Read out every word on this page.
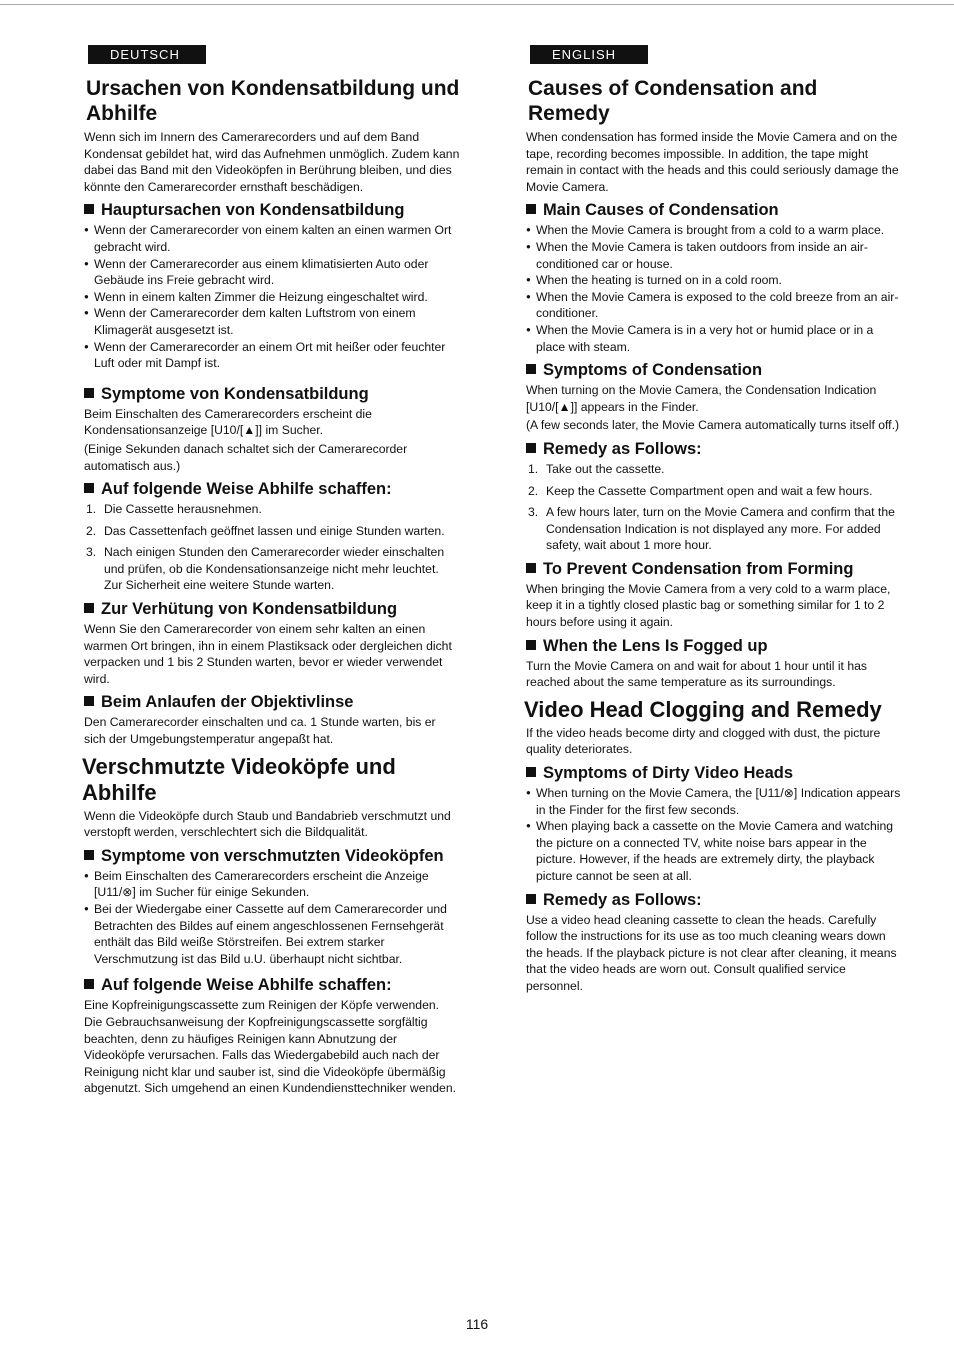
DEUTSCH
Ursachen von Kondensatbildung und Abhilfe

Wenn sich im Innern des Camerarecorders und auf dem Band Kondensat gebildet hat, wird das Aufnehmen unmöglich. Zudem kann dabei das Band mit den Videoköpfen in Berührung bleiben, und dies könnte den Camerarecorder ernsthaft beschädigen.

Hauptursachen von Kondensatbildung
● Wenn der Camerarecorder von einem kalten an einen warmen Ort gebracht wird.
● Wenn der Camerarecorder aus einem klimatisierten Auto oder Gebäude ins Freie gebracht wird.
● Wenn in einem kalten Zimmer die Heizung eingeschaltet wird.
● Wenn der Camerarecorder dem kalten Luftstrom von einem Klimagerät ausgesetzt ist.
● Wenn der Camerarecorder an einem Ort mit heißer oder feuchter Luft oder mit Dampf ist.
Symptome von Kondensatbildung

Beim Einschalten des Camerarecorders erscheint die Kondensationsanzeige [U10/[▲]] im Sucher.

(Einige Sekunden danach schaltet sich der Camerarecorder automatisch aus.)

Auf folgende Weise Abhilfe schaffen:
1. Die Cassette herausnehmen.
2. Das Cassettenfach geöffnet lassen und einige Stunden warten.
3. Nach einigen Stunden den Camerarecorder wieder einschalten und prüfen, ob die Kondensationsanzeige nicht mehr leuchtet. Zur Sicherheit eine weitere Stunde warten.
Zur Verhütung von Kondensatbildung

Wenn Sie den Camerarecorder von einem sehr kalten an einen warmen Ort bringen, ihn in einem Plastiksack oder dergleichen dicht verpacken und 1 bis 2 Stunden warten, bevor er wieder verwendet wird.

Beim Anlaufen der Objektivlinse

Den Camerarecorder einschalten und ca. 1 Stunde warten, bis er sich der Umgebungstemperatur angepaßt hat.

Verschmutzte Videoköpfe und Abhilfe

Wenn die Videoköpfe durch Staub und Bandabrieb verschmutzt und verstopft werden, verschlechtert sich die Bildqualität.

Symptome von verschmutzten Videoköpfen
● Beim Einschalten des Camerarecorders erscheint die Anzeige [U11/⊗] im Sucher für einige Sekunden.
● Bei der Wiedergabe einer Cassette auf dem Camerarecorder und Betrachten des Bildes auf einem angeschlossenen Fernsehgerät enthält das Bild weiße Störstreifen. Bei extrem starker Verschmutzung ist das Bild u.U. überhaupt nicht sichtbar.
Auf folgende Weise Abhilfe schaffen:

Eine Kopfreinigungscassette zum Reinigen der Köpfe verwenden. Die Gebrauchsanweisung der Kopfreinigungscassette sorgfältig beachten, denn zu häufiges Reinigen kann Abnutzung der Videoköpfe verursachen. Falls das Wiedergabebild auch nach der Reinigung nicht klar und sauber ist, sind die Videoköpfe übermäßig abgenutzt. Sich umgehend an einen Kundendiensttechniker wenden.

ENGLISH
Causes of Condensation and Remedy

When condensation has formed inside the Movie Camera and on the tape, recording becomes impossible. In addition, the tape might remain in contact with the heads and this could seriously damage the Movie Camera.

Main Causes of Condensation
● When the Movie Camera is brought from a cold to a warm place.
● When the Movie Camera is taken outdoors from inside an air-conditioned car or house.
● When the heating is turned on in a cold room.
● When the Movie Camera is exposed to the cold breeze from an air-conditioner.
● When the Movie Camera is in a very hot or humid place or in a place with steam.
Symptoms of Condensation

When turning on the Movie Camera, the Condensation Indication [U10/[▲]] appears in the Finder.

(A few seconds later, the Movie Camera automatically turns itself off.)

Remedy as Follows:
1. Take out the cassette.
2. Keep the Cassette Compartment open and wait a few hours.
3. A few hours later, turn on the Movie Camera and confirm that the Condensation Indication is not displayed any more. For added safety, wait about 1 more hour.
To Prevent Condensation from Forming

When bringing the Movie Camera from a very cold to a warm place, keep it in a tightly closed plastic bag or something similar for 1 to 2 hours before using it again.

When the Lens Is Fogged up

Turn the Movie Camera on and wait for about 1 hour until it has reached about the same temperature as its surroundings.

Video Head Clogging and Remedy

If the video heads become dirty and clogged with dust, the picture quality deteriorates.

Symptoms of Dirty Video Heads
● When turning on the Movie Camera, the [U11/⊗] Indication appears in the Finder for the first few seconds.
● When playing back a cassette on the Movie Camera and watching the picture on a connected TV, white noise bars appear in the picture. However, if the heads are extremely dirty, the playback picture cannot be seen at all.
Remedy as Follows:

Use a video head cleaning cassette to clean the heads. Carefully follow the instructions for its use as too much cleaning wears down the heads. If the playback picture is not clear after cleaning, it means that the video heads are worn out. Consult qualified service personnel.

116
